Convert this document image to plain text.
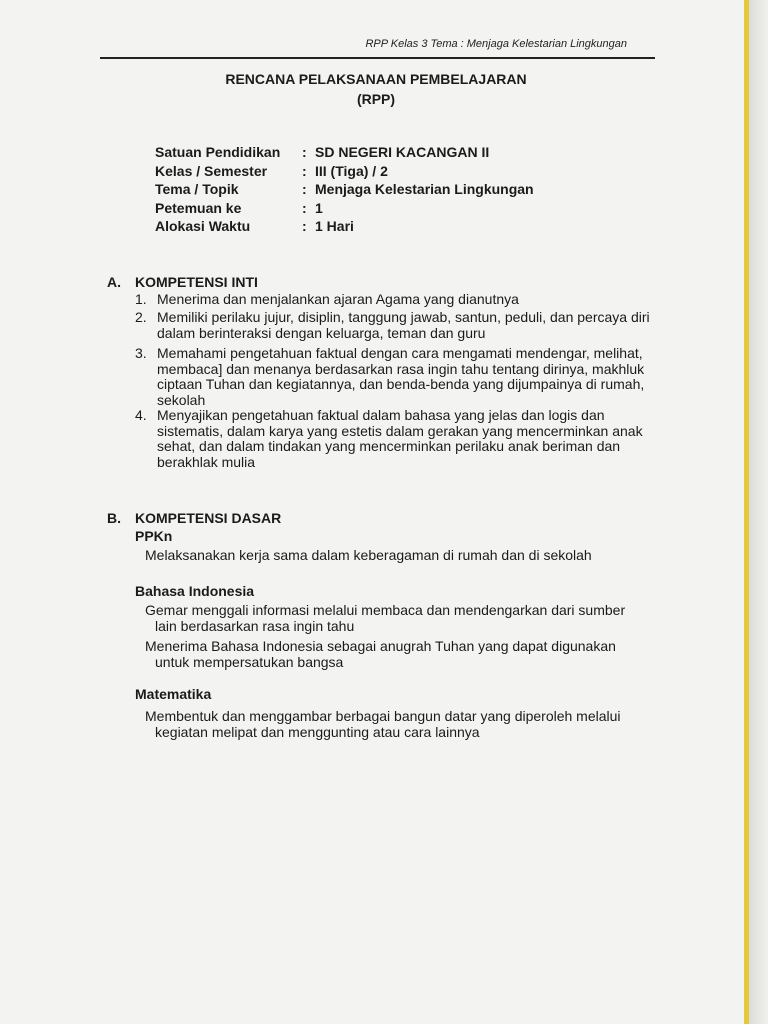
RPP Kelas 3 Tema : Menjaga Kelestarian Lingkungan
RENCANA PELAKSANAAN PEMBELAJARAN
(RPP)
Satuan Pendidikan : SD NEGERI KACANGAN II
Kelas / Semester : III (Tiga) / 2
Tema / Topik	: Menjaga Kelestarian Lingkungan
Petemuan ke	: 1
Alokasi Waktu	: 1 Hari
A. KOMPETENSI INTI
1. Menerima dan menjalankan ajaran Agama yang dianutnya
2. Memiliki perilaku jujur, disiplin, tanggung jawab, santun, peduli, dan percaya diri
dalam berinteraksi dengan keluarga, teman dan guru
3. Memahami pengetahuan faktual dengan cara mengamati mendengar, melihat,
membaca] dan menanya berdasarkan rasa ingin tahu tentang dirinya, makhluk
ciptaan Tuhan dan kegiatannya, dan benda-benda yang dijumpainya di rumah,
sekolah
4. Menyajikan pengetahuan faktual dalam bahasa yang jelas dan logis dan
sistematis, dalam karya yang estetis dalam gerakan yang mencerminkan anak
sehat, dan dalam tindakan yang mencerminkan perilaku anak beriman dan
berakhlak mulia
B. KOMPETENSI DASAR
PPKn
Melaksanakan kerja sama dalam keberagaman di rumah dan di sekolah
Bahasa Indonesia
Gemar menggali informasi melalui membaca dan mendengarkan dari sumber
lain berdasarkan rasa ingin tahu
Menerima Bahasa Indonesia sebagai anugrah Tuhan yang dapat digunakan
untuk mempersatukan bangsa
Matematika
Membentuk dan menggambar berbagai bangun datar yang diperoleh melalui
kegiatan melipat dan menggunting atau cara lainnya
